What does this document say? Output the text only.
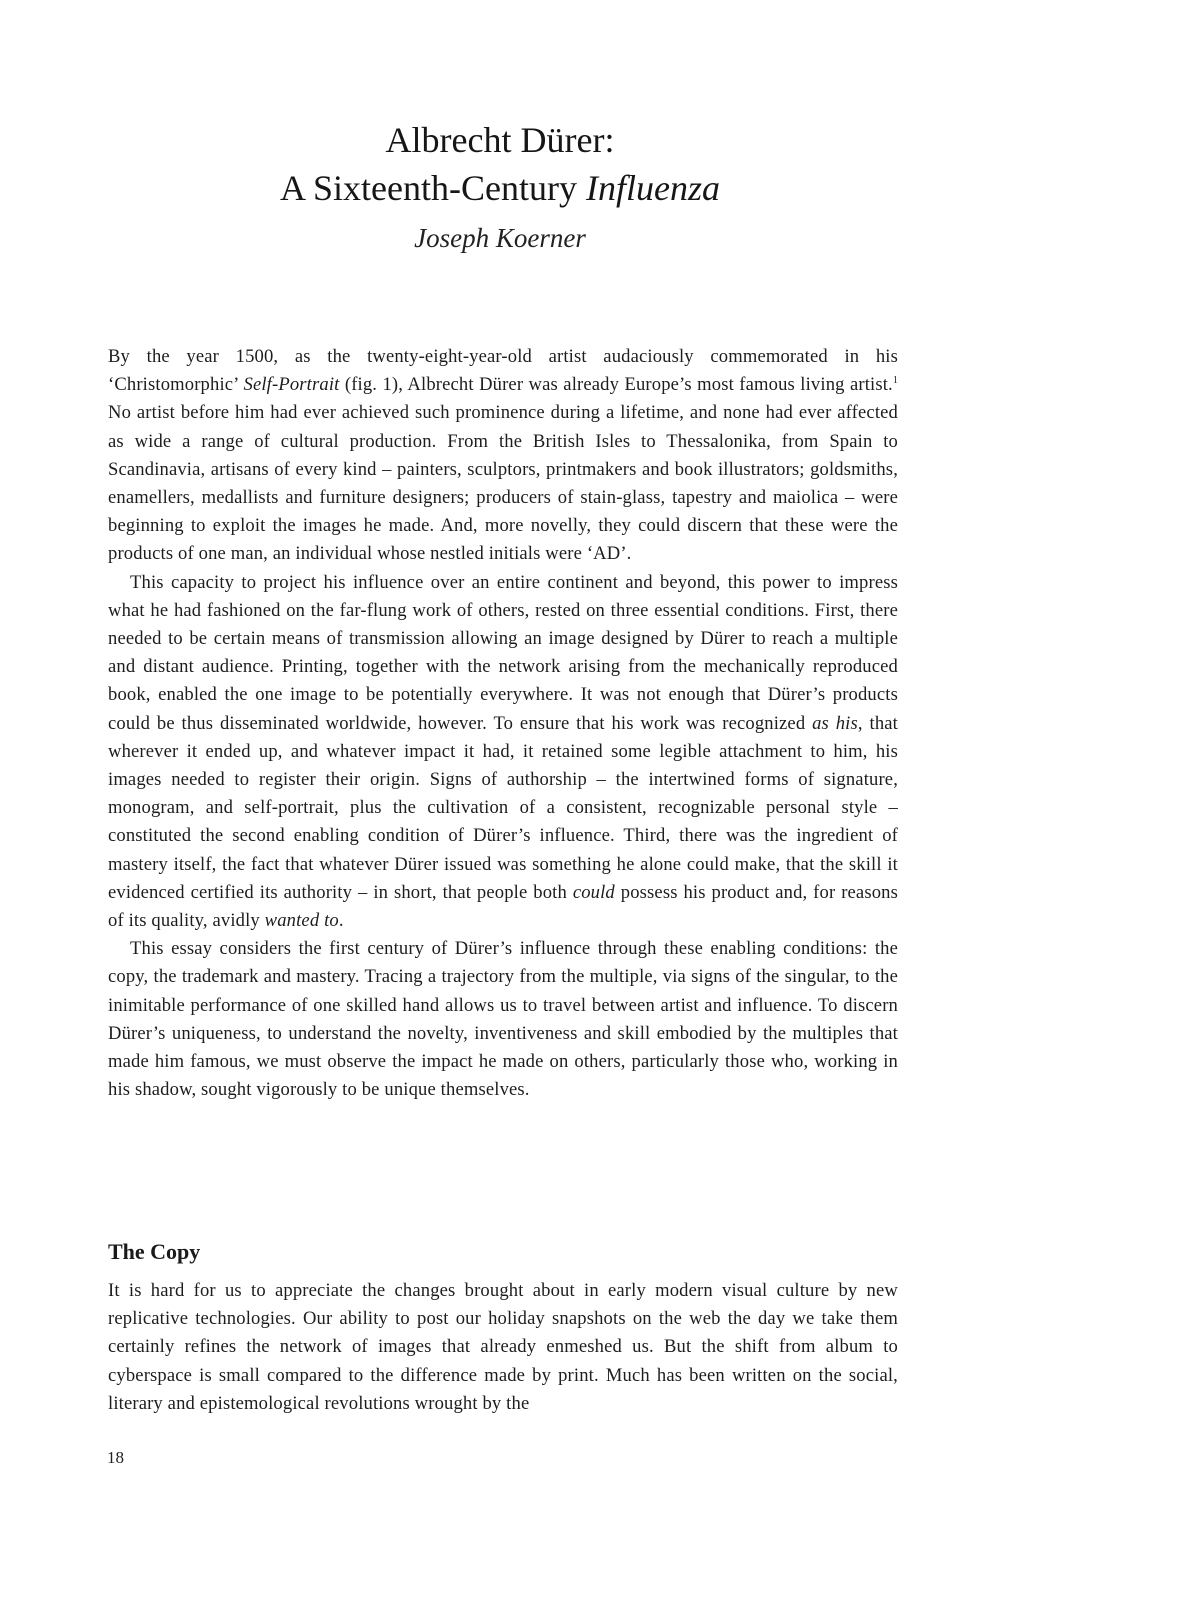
Albrecht Dürer:
A Sixteenth-Century Influenza
Joseph Koerner

By the year 1500, as the twenty-eight-year-old artist audaciously commemorated in his ‘Christomorphic’ Self-Portrait (fig. 1), Albrecht Dürer was already Europe’s most famous living artist.$^1$ No artist before him had ever achieved such prominence during a lifetime, and none had ever affected as wide a range of cultural production. From the British Isles to Thessalonika, from Spain to Scandinavia, artisans of every kind – painters, sculptors, printmakers and book illustrators; goldsmiths, enamellers, medallists and furniture designers; producers of stain-glass, tapestry and maiolica – were beginning to exploit the images he made. And, more novelly, they could discern that these were the products of one man, an individual whose nestled initials were ‘AD’.

This capacity to project his influence over an entire continent and beyond, this power to impress what he had fashioned on the far-flung work of others, rested on three essential conditions. First, there needed to be certain means of transmission allowing an image designed by Dürer to reach a multiple and distant audience. Printing, together with the network arising from the mechanically reproduced book, enabled the one image to be potentially everywhere. It was not enough that Dürer’s products could be thus disseminated worldwide, however. To ensure that his work was recognized as his, that wherever it ended up, and whatever impact it had, it retained some legible attachment to him, his images needed to register their origin. Signs of authorship – the intertwined forms of signature, monogram, and self-portrait, plus the cultivation of a consistent, recognizable personal style – constituted the second enabling condition of Dürer’s influence. Third, there was the ingredient of mastery itself, the fact that whatever Dürer issued was something he alone could make, that the skill it evidenced certified its authority – in short, that people both could possess his product and, for reasons of its quality, avidly wanted to.

This essay considers the first century of Dürer’s influence through these enabling conditions: the copy, the trademark and mastery. Tracing a trajectory from the multiple, via signs of the singular, to the inimitable performance of one skilled hand allows us to travel between artist and influence. To discern Dürer’s uniqueness, to understand the novelty, inventiveness and skill embodied by the multiples that made him famous, we must observe the impact he made on others, particularly those who, working in his shadow, sought vigorously to be unique themselves.

The Copy

It is hard for us to appreciate the changes brought about in early modern visual culture by new replicative technologies. Our ability to post our holiday snapshots on the web the day we take them certainly refines the network of images that already enmeshed us. But the shift from album to cyberspace is small compared to the difference made by print. Much has been written on the social, literary and epistemological revolutions wrought by the

18
